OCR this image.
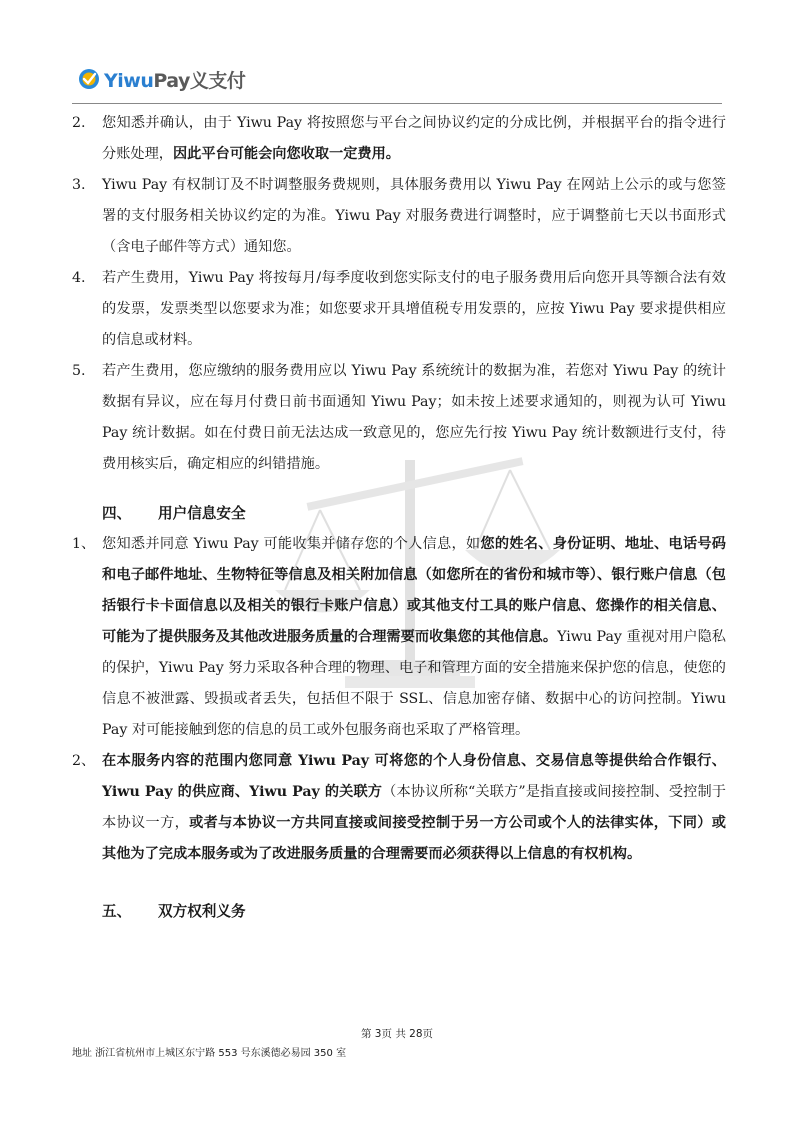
YiwuPay义支付
2. 您知悉并确认，由于 Yiwu Pay 将按照您与平台之间协议约定的分成比例，并根据平台的指令进行分账处理，因此平台可能会向您收取一定费用。
3. Yiwu Pay 有权制订及不时调整服务费规则，具体服务费用以 Yiwu Pay 在网站上公示的或与您签署的支付服务相关协议约定的为准。Yiwu Pay 对服务费进行调整时，应于调整前七天以书面形式（含电子邮件等方式）通知您。
4. 若产生费用，Yiwu Pay 将按每月/每季度收到您实际支付的电子服务费用后向您开具等额合法有效的发票，发票类型以您要求为准；如您要求开具增值税专用发票的，应按 Yiwu Pay 要求提供相应的信息或材料。
5. 若产生费用，您应缴纳的服务费用应以 Yiwu Pay 系统统计的数据为准，若您对 Yiwu Pay 的统计数据有异议，应在每月付费日前书面通知 Yiwu Pay；如未按上述要求通知的，则视为认可 Yiwu Pay 统计数据。如在付费日前无法达成一致意见的，您应先行按 Yiwu Pay 统计数额进行支付，待费用核实后，确定相应的纠错措施。
四、 用户信息安全
1、 您知悉并同意 Yiwu Pay 可能收集并储存您的个人信息，如您的姓名、身份证明、地址、电话号码和电子邮件地址、生物特征等信息及相关附加信息（如您所在的省份和城市等）、银行账户信息（包括银行卡卡面信息以及相关的银行卡账户信息）或其他支付工具的账户信息、您操作的相关信息、可能为了提供服务及其他改进服务质量的合理需要而收集您的其他信息。Yiwu Pay 重视对用户隐私的保护，Yiwu Pay 努力采取各种合理的物理、电子和管理方面的安全措施来保护您的信息，使您的信息不被泄露、毁损或者丢失，包括但不限于 SSL、信息加密存储、数据中心的访问控制。Yiwu Pay 对可能接触到您的信息的员工或外包服务商也采取了严格管理。
2、 在本服务内容的范围内您同意 Yiwu Pay 可将您的个人身份信息、交易信息等提供给合作银行、Yiwu Pay 的供应商、Yiwu Pay 的关联方（本协议所称“关联方”是指直接或间接控制、受控制于本协议一方，或者与本协议一方共同直接或间接受控制于另一方公司或个人的法律实体，下同）或其他为了完成本服务或为了改进服务质量的合理需要而必须获得以上信息的有权机构。
五、 双方权利义务
第 3页 共 28页
地址 浙江省杭州市上城区东宁路 553 号东溪德必易园 350 室
